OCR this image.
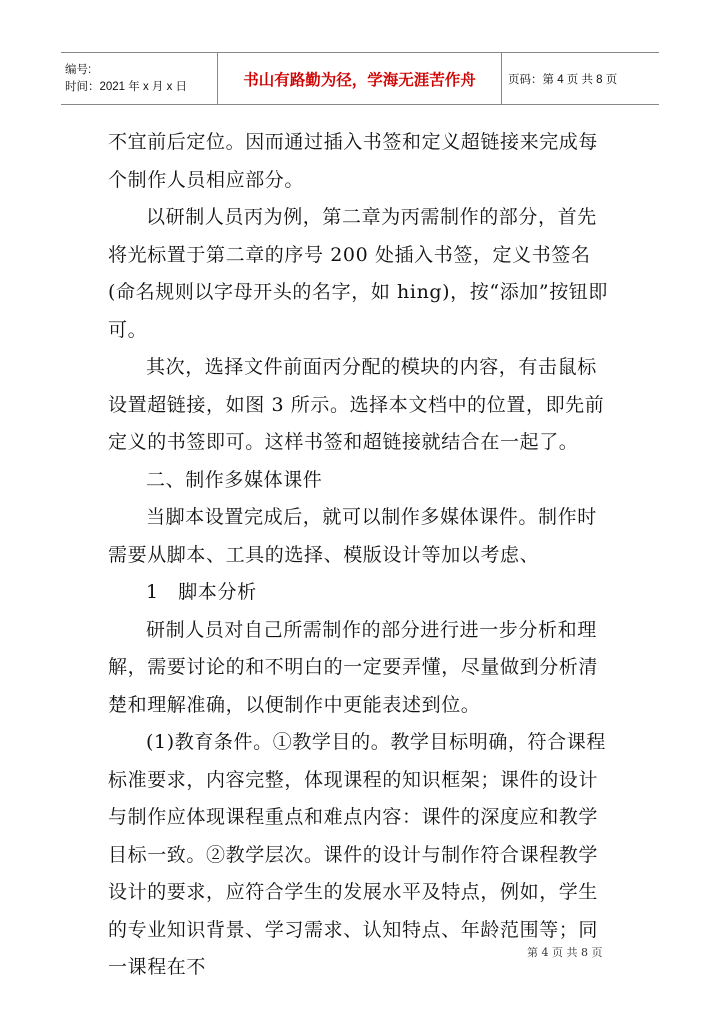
编号:
时间：2021 年 x 月 x 日	书山有路勤为径，学海无涯苦作舟	页码：第 4 页 共 8 页

不宜前后定位。因而通过插入书签和定义超链接来完成每个制作人员相应部分。

以研制人员丙为例，第二章为丙需制作的部分，首先将光标置于第二章的序号 200 处插入书签，定义书签名(命名规则以字母开头的名字，如 hing)，按“添加”按钮即可。

其次，选择文件前面丙分配的模块的内容，有击鼠标设置超链接，如图 3 所示。选择本文档中的位置，即先前定义的书签即可。这样书签和超链接就结合在一起了。

二、制作多媒体课件

当脚本设置完成后，就可以制作多媒体课件。制作时需要从脚本、工具的选择、模版设计等加以考虑、

1　脚本分析

研制人员对自己所需制作的部分进行进一步分析和理解，需要讨论的和不明白的一定要弄懂，尽量做到分析清楚和理解准确，以便制作中更能表述到位。

(1)教育条件。①教学目的。教学目标明确，符合课程标准要求，内容完整，体现课程的知识框架；课件的设计与制作应体现课程重点和难点内容：课件的深度应和教学目标一致。②教学层次。课件的设计与制作符合课程教学设计的要求，应符合学生的发展水平及特点，例如，学生的专业知识背景、学习需求、认知特点、年龄范围等；同一课程在不

第 4 页 共 8 页
